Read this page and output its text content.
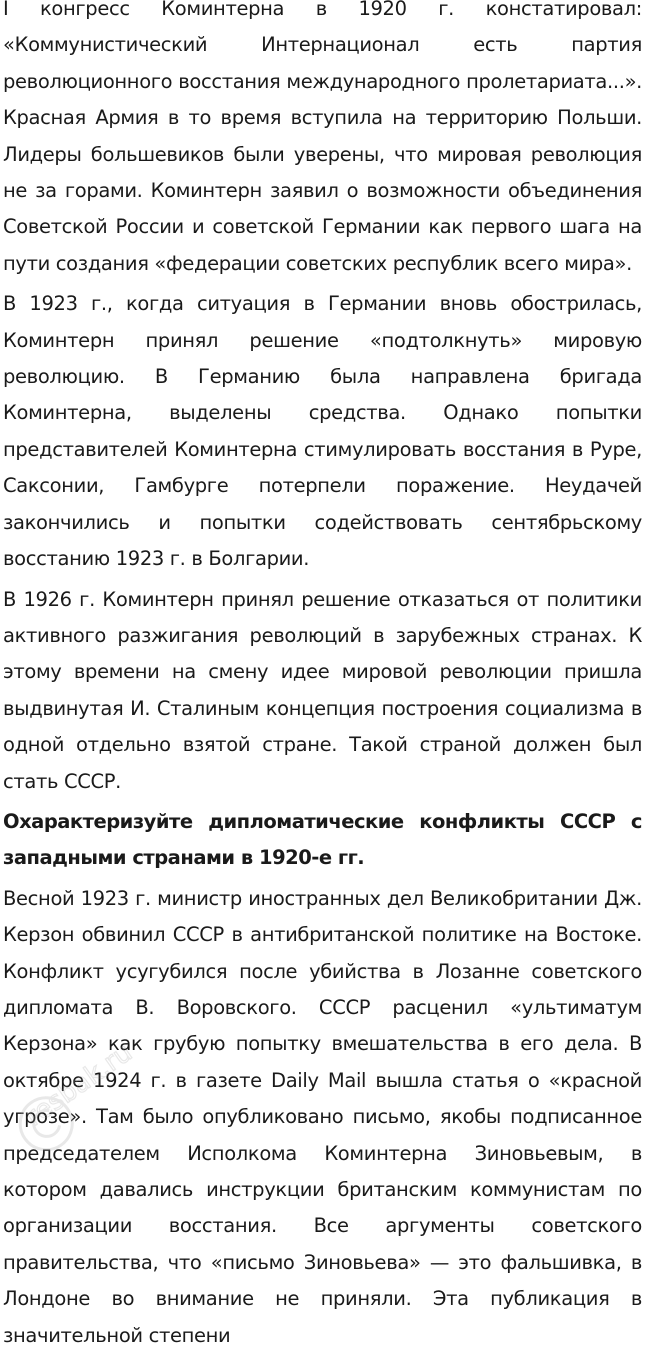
I конгресс Коминтерна в 1920 г. констатировал: «Коммунистический Интернационал есть партия революционного восстания международного пролетариата...». Красная Армия в то время вступила на территорию Польши. Лидеры большевиков были уверены, что мировая революция не за горами. Коминтерн заявил о возможности объединения Советской России и советской Германии как первого шага на пути создания «федерации советских республик всего мира».

В 1923 г., когда ситуация в Германии вновь обострилась, Коминтерн принял решение «подтолкнуть» мировую революцию. В Германию была направлена бригада Коминтерна, выделены средства. Однако попытки представителей Коминтерна стимулировать восстания в Руре, Саксонии, Гамбурге потерпели поражение. Неудачей закончились и попытки содействовать сентябрьскому восстанию 1923 г. в Болгарии.

В 1926 г. Коминтерн принял решение отказаться от политики активного разжигания революций в зарубежных странах. К этому времени на смену идее мировой революции пришла выдвинутая И. Сталиным концепция построения социализма в одной отдельно взятой стране. Такой страной должен был стать СССР.

Охарактеризуйте дипломатические конфликты СССР с западными странами в 1920-е гг.

Весной 1923 г. министр иностранных дел Великобритании Дж. Керзон обвинил СССР в антибританской политике на Востоке. Конфликт усугубился после убийства в Лозанне советского дипломата В. Воровского. СССР расценил «ультиматум Керзона» как грубую попытку вмешательства в его дела. В октябре 1924 г. в газете Daily Mail вышла статья о «красной угрозе». Там было опубликовано письмо, якобы подписанное председателем Исполкома Коминтерна Зиновьевым, в котором давались инструкции британским коммунистам по организации восстания. Все аргументы советского правительства, что «письмо Зиновьева» — это фальшивка, в Лондоне во внимание не приняли. Эта публикация в значительной степени

resbak.ru
